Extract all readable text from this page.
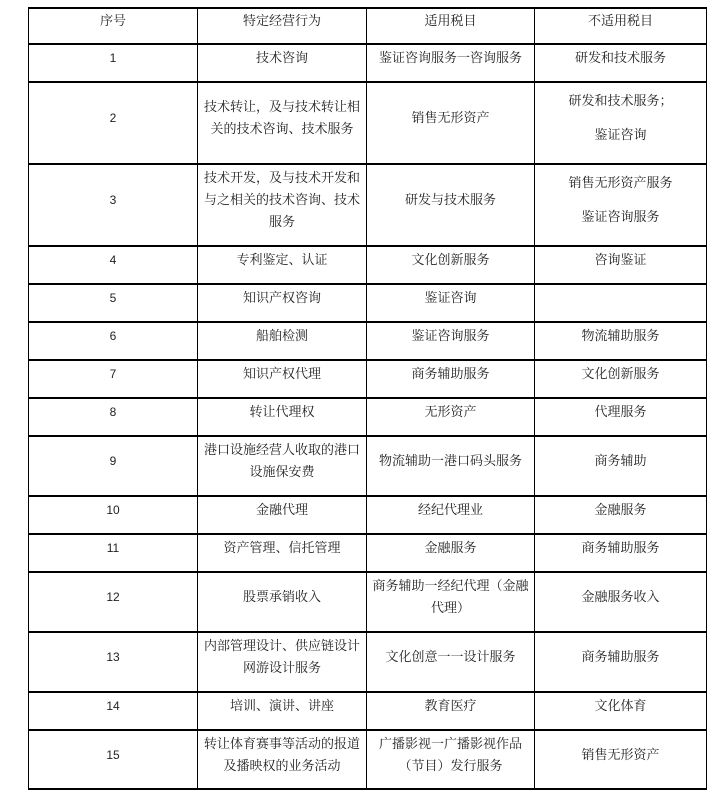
序号	特定经营行为	适用税目	不适用税目
1	技术咨询	鉴证咨询服务一咨询服务	研发和技术服务

2	技术转让，及与技术转让相关的技术咨询、技术服务	销售无形资产	
研发和技术服务；
鉴证咨询

3	技术开发，及与技术开发和与之相关的技术咨询、技术服务	研发与技术服务	
销售无形资产服务
鉴证咨询服务

4	专利鉴定、认证	文化创新服务	咨询鉴证

5	知识产权咨询	鉴证咨询	

6	船舶检测	鉴证咨询服务	物流辅助服务

7	知识产权代理	商务辅助服务	文化创新服务

8	转让代理权	无形资产	代理服务

9	港口设施经营人收取的港口设施保安费	物流辅助一港口码头服务	商务辅助

10	金融代理	经纪代理业	金融服务

11	资产管理、信托管理	金融服务	商务辅助服务

12	股票承销收入	商务辅助一经纪代理（金融代理）	
金融服务收入

13	内部管理设计、供应链设计网游设计服务	文化创意一一设计服务	商务辅助服务

14	培训、演讲、讲座	教育医疗	文化体育

15	转让体育赛事等活动的报道及播映权的业务活动	广播影视一广播影视作品（节目）发行服务	
销售无形资产
